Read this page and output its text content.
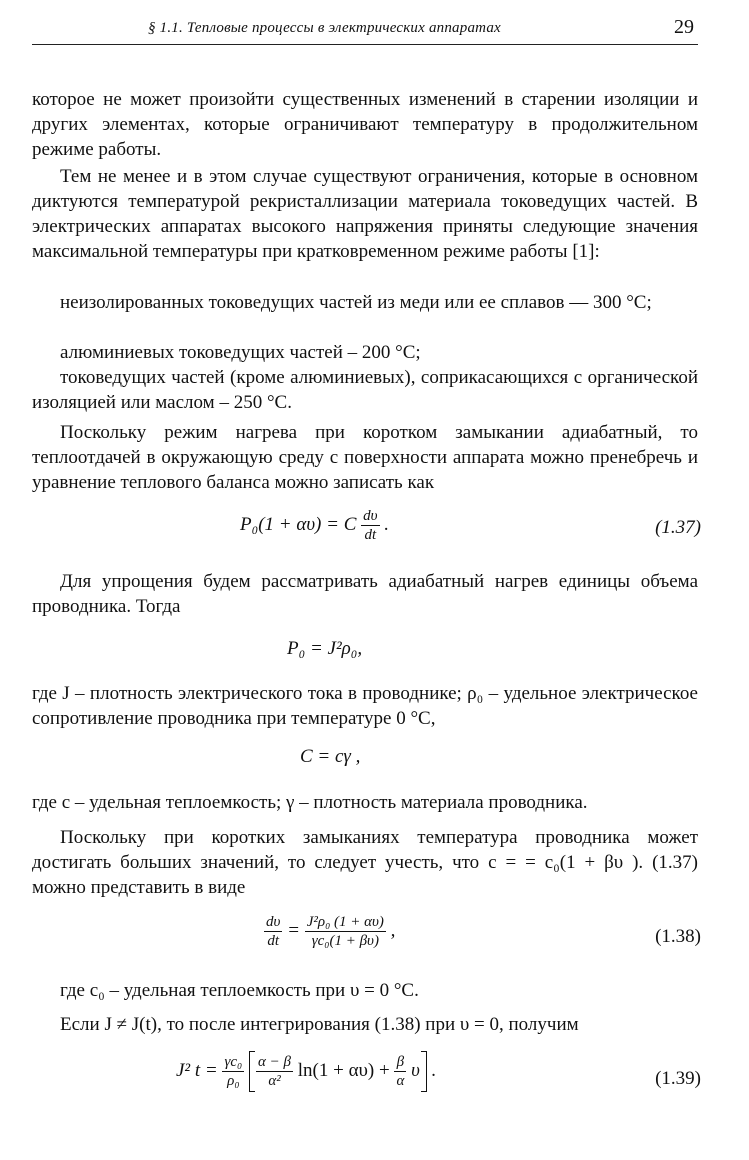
§ 1.1. Тепловые процессы в электрических аппаратах	29

которое не может произойти существенных изменений в старении изоляции и других элементах, которые ограничивают температуру в продолжительном режиме работы.

Тем не менее и в этом случае существуют ограничения, которые в основном диктуются температурой рекристаллизации материала токоведущих частей. В электрических аппаратах высокого напряжения приняты следующие значения максимальной температуры при кратковременном режиме работы [1]:

неизолированных токоведущих частей из меди или ее сплавов — 300 °С;

алюминиевых токоведущих частей – 200 °С;

токоведущих частей (кроме алюминиевых), соприкасающихся с органической изоляцией или маслом – 250 °С.

Поскольку режим нагрева при коротком замыкании адиабатный, то теплоотдачей в окружающую среду с поверхности аппарата можно пренебречь и уравнение теплового баланса можно записать как

P₀(1 + αυ) = C $\frac{d\upsilon}{dt}$ .	(1.37)

Для упрощения будем рассматривать адиабатный нагрев единицы объема проводника. Тогда

P₀ = J²ρ₀,

где J – плотность электрического тока в проводнике; ρ₀ – удельное электрическое сопротивление проводника при температуре 0 °С,

C = cγ ,

где c – удельная теплоемкость; γ – плотность материала проводника.

Поскольку при коротких замыканиях температура проводника может достигать больших значений, то следует учесть, что c = = c₀(1 + βυ ). (1.37) можно представить в виде

$\frac{d\upsilon}{dt} = \frac{\text{J²ρ₀ (1 + αυ)}}{\text{γc₀(1 + βυ)}}$ ,	(1.38)

где c₀ – удельная теплоемкость при υ = 0 °С.

Если J ≠ J(t), то после интегрирования (1.38) при υ = 0, получим

J² $t = \frac{\text{γc₀}}{\text{ρ₀}}$
$\frac{\alpha - \beta}{\text{α²}} \ln(1 + \alpha\upsilon) + \frac{\beta}{\alpha}$ υ .	(1.39)
